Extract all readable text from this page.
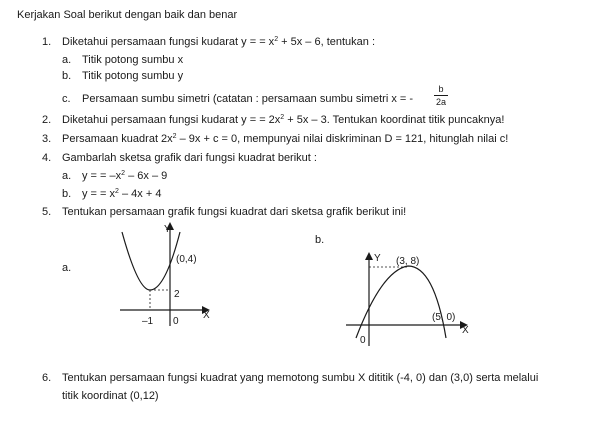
Kerjakan Soal berikut dengan baik dan benar
1. Diketahui persamaan fungsi kudarat y = = $x^2 + 5x - 6$, tentukan :
a. Titik potong sumbu x
b. Titik potong sumbu y
c. Persamaan sumbu simetri (catatan : persamaan sumbu simetri x = -
b
2a
2. Diketahui persamaan fungsi kudarat y = = $2x^2 + 5x - 3$. Tentukan koordinat titik puncaknya!
3. Persamaan kuadrat $2x^2 - 9x + c = 0$, mempunyai nilai diskriminan D = 121, hitunglah nilai c!
4. Gambarlah sketsa grafik dari fungsi kuadrat berikut :
a. y = = $-x^2 - 6x - 9$
b. y = = $x^2 - 4x + 4$
5. Tentukan persamaan grafik fungsi kuadrat dari sketsa grafik berikut ini!
a.
b.
Y
X
(0,4)
2
–1 0
Y
X
(3, 8)
(5, 0)
0
6. Tentukan persamaan fungsi kuadrat yang memotong sumbu X dititik (-4, 0) dan (3,0) serta melalui
titik koordinat (0,12)
